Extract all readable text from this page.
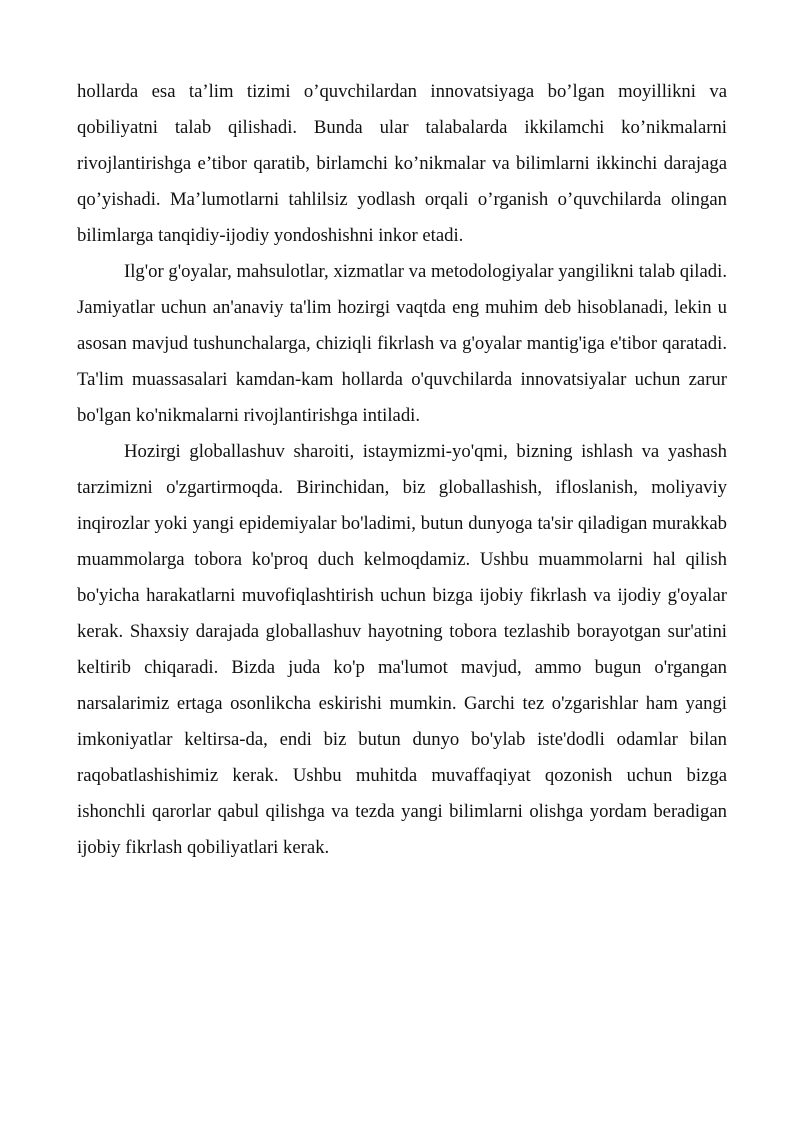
hollarda esa ta’lim tizimi o’quvchilardan innovatsiyaga bo’lgan moyillikni va qobiliyatni talab qilishadi. Bunda ular talabalarda ikkilamchi ko’nikmalarni rivojlantirishga e’tibor qaratib, birlamchi ko’nikmalar va bilimlarni ikkinchi darajaga qo’yishadi. Ma’lumotlarni tahlilsiz yodlash orqali o’rganish o’quvchilarda olingan bilimlarga tanqidiy-ijodiy yondoshishni inkor etadi.

Ilg'or g'oyalar, mahsulotlar, xizmatlar va metodologiyalar yangilikni talab qiladi. Jamiyatlar uchun an'anaviy ta'lim hozirgi vaqtda eng muhim deb hisoblanadi, lekin u asosan mavjud tushunchalarga, chiziqli fikrlash va g'oyalar mantig'iga e'tibor qaratadi. Ta'lim muassasalari kamdan-kam hollarda o'quvchilarda innovatsiyalar uchun zarur bo'lgan ko'nikmalarni rivojlantirishga intiladi.

Hozirgi globallashuv sharoiti, istaymizmi-yo'qmi, bizning ishlash va yashash tarzimizni o'zgartirmoqda. Birinchidan, biz globallashish, ifloslanish, moliyaviy inqirozlar yoki yangi epidemiyalar bo'ladimi, butun dunyoga ta'sir qiladigan murakkab muammolarga tobora ko'proq duch kelmoqdamiz. Ushbu muammolarni hal qilish bo'yicha harakatlarni muvofiqlashtirish uchun bizga ijobiy fikrlash va ijodiy g'oyalar kerak. Shaxsiy darajada globallashuv hayotning tobora tezlashib borayotgan sur'atini keltirib chiqaradi. Bizda juda ko'p ma'lumot mavjud, ammo bugun o'rgangan narsalarimiz ertaga osonlikcha eskirishi mumkin. Garchi tez o'zgarishlar ham yangi imkoniyatlar keltirsa-da, endi biz butun dunyo bo'ylab iste'dodli odamlar bilan raqobatlashishimiz kerak. Ushbu muhitda muvaffaqiyat qozonish uchun bizga ishonchli qarorlar qabul qilishga va tezda yangi bilimlarni olishga yordam beradigan ijobiy fikrlash qobiliyatlari kerak.
